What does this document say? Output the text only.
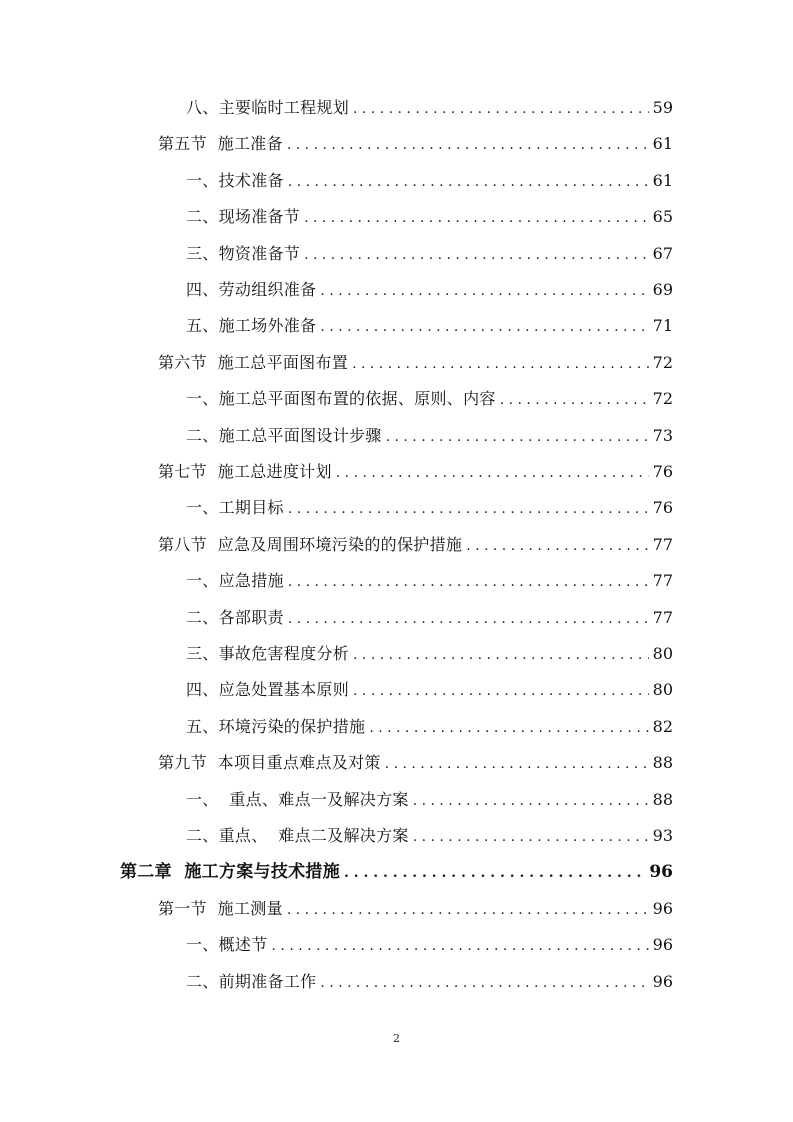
八、主要临时工程规划 . . .	59
第五节  施工准备 . . .	61
一、技术准备 . . .	61
二、现场准备节 . . .	65
三、物资准备节 . . .	67
四、劳动组织准备 . . .	69
五、施工场外准备 . . .	71
第六节  施工总平面图布置 . . .	72
一、施工总平面图布置的依据、原则、内容 . . .	72
二、施工总平面图设计步骤 . . .	73
第七节  施工总进度计划 . . .	76
一、工期目标 . . .	76
第八节  应急及周围环境污染的的保护措施 . . .	77
一、应急措施 . . .	77
二、各部职责 . . .	77
三、事故危害程度分析 . . .	80
四、应急处置基本原则 . . .	80
五、环境污染的保护措施 . . .	82
第九节  本项目重点难点及对策 . . .	88
一、  重点、难点一及解决方案 . . .	88
二、重点、  难点二及解决方案 . . .	93
第二章  施工方案与技术措施 . . .	96
第一节  施工测量 . . .	96
一、概述节 . . .	96
二、前期准备工作 . . .	96
2
